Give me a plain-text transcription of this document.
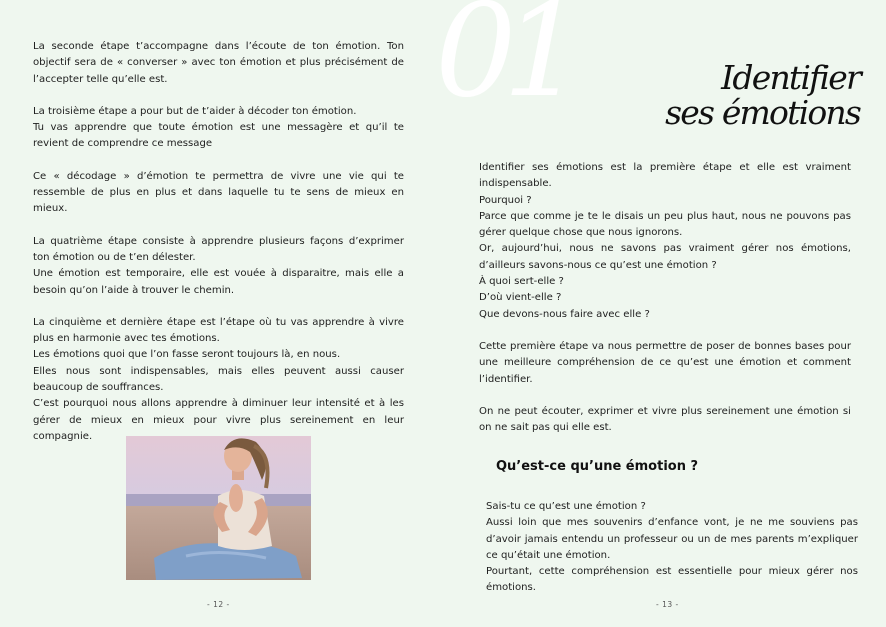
La seconde étape t’accompagne dans l’écoute de ton émotion. Ton objectif sera de « converser » avec ton émotion et plus précisément de l’accepter telle qu’elle est.

La troisième étape a pour but de t’aider à décoder ton émotion.

Tu vas apprendre que toute émotion est une messagère et qu’il te revient de comprendre ce message

Ce « décodage » d’émotion te permettra de vivre une vie qui te ressemble de plus en plus et dans laquelle tu te sens de mieux en mieux.

La quatrième étape consiste à apprendre plusieurs façons d’exprimer ton émotion ou de t’en délester.

Une émotion est temporaire, elle est vouée à disparaitre, mais elle a besoin qu’on l’aide à trouver le chemin.

La cinquième et dernière étape est l’étape où tu vas apprendre à vivre plus en harmonie avec tes émotions.

Les émotions quoi que l’on fasse seront toujours là, en nous.

Elles nous sont indispensables, mais elles peuvent aussi causer beaucoup de souffrances.

C’est pourquoi nous allons apprendre à diminuer leur intensité et à les gérer de mieux en mieux pour vivre plus sereinement en leur compagnie.

- 12 -
Identifier
ses émotions

Identifier ses émotions est la première étape et elle est vraiment indispensable.

Pourquoi ?

Parce que comme je te le disais un peu plus haut, nous ne pouvons pas gérer quelque chose que nous ignorons.

Or, aujourd’hui, nous ne savons pas vraiment gérer nos émotions, d’ailleurs savons-nous ce qu’est une émotion ?

À quoi sert-elle ?

D’où vient-elle ?

Que devons-nous faire avec elle ?

Cette première étape va nous permettre de poser de bonnes bases pour une meilleure compréhension de ce qu’est une émotion et comment l’identifier.

On ne peut écouter, exprimer et vivre plus sereinement une émotion si on ne sait pas qui elle est.

Qu’est-ce qu’une émotion ?

Sais-tu ce qu’est une émotion ?

Aussi loin que mes souvenirs d’enfance vont, je ne me souviens pas d’avoir jamais entendu un professeur ou un de mes parents m’expliquer ce qu’était une émotion.

Pourtant, cette compréhension est essentielle pour mieux gérer nos émotions.

- 13 -
01
